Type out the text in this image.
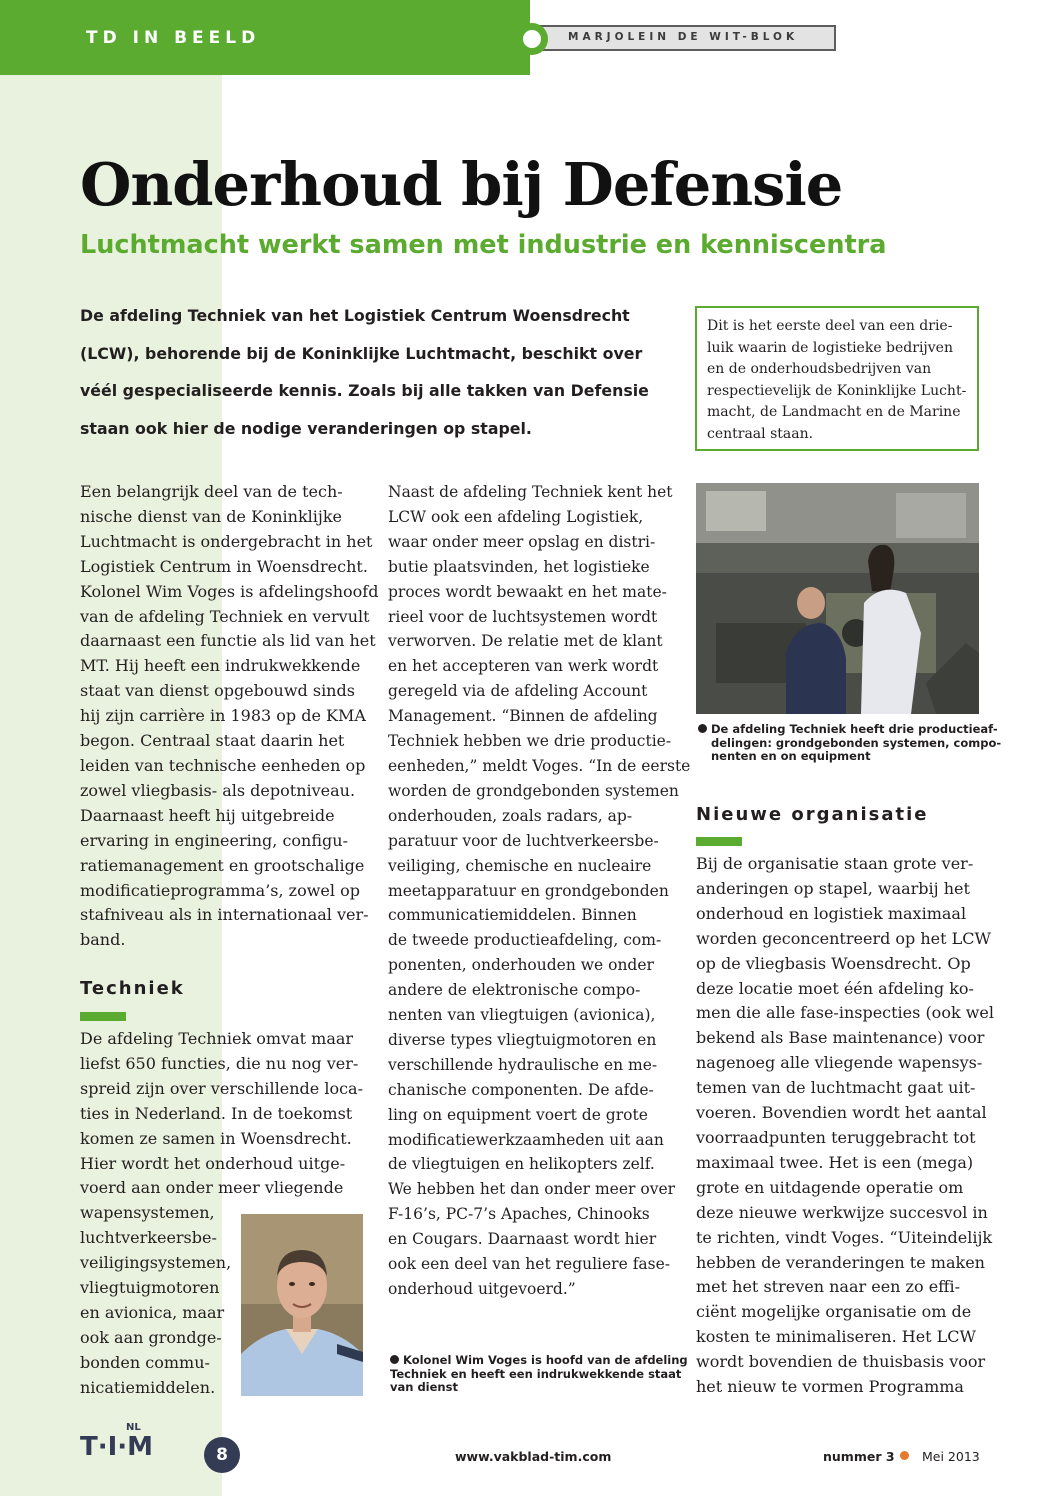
TD IN BEELD	MARJOLEIN DE WIT-BLOK
Onderhoud bij Defensie
Luchtmacht werkt samen met industrie en kenniscentra
De afdeling Techniek van het Logistiek Centrum Woensdrecht
(LCW), behorende bij de Koninklijke Luchtmacht, beschikt over
véél gespecialiseerde kennis. Zoals bij alle takken van Defensie
staan ook hier de nodige veranderingen op stapel.
Dit is het eerste deel van een drie-
luik waarin de logistieke bedrijven
en de onderhoudsbedrijven van
respectievelijk de Koninklijke Lucht-
macht, de Landmacht en de Marine
centraal staan.
Een belangrijk deel van de tech-
nische dienst van de Koninklijke
Luchtmacht is ondergebracht in het
Logistiek Centrum in Woensdrecht.
Kolonel Wim Voges is afdelingshoofd
van de afdeling Techniek en vervult
daarnaast een functie als lid van het
MT. Hij heeft een indrukwekkende
staat van dienst opgebouwd sinds
hij zijn carrière in 1983 op de KMA
begon. Centraal staat daarin het
leiden van technische eenheden op
zowel vliegbasis- als depotniveau.
Daarnaast heeft hij uitgebreide
ervaring in engineering, configu-
ratiemanagement en grootschalige
modificatieprogramma’s, zowel op
stafniveau als in internationaal ver-
band.
Techniek
De afdeling Techniek omvat maar
liefst 650 functies, die nu nog ver-
spreid zijn over verschillende loca-
ties in Nederland. In de toekomst
komen ze samen in Woensdrecht.
Hier wordt het onderhoud uitge-
voerd aan onder meer vliegende
wapensystemen,
luchtverkeersbe-
veiligingsystemen,
vliegtuigmotoren
en avionica, maar
ook aan grondge-
bonden commu-
nicatiemiddelen.
Naast de afdeling Techniek kent het
LCW ook een afdeling Logistiek,
waar onder meer opslag en distri-
butie plaatsvinden, het logistieke
proces wordt bewaakt en het mate-
rieel voor de luchtsystemen wordt
verworven. De relatie met de klant
en het accepteren van werk wordt
geregeld via de afdeling Account
Management. “Binnen de afdeling
Techniek hebben we drie productie-
eenheden,” meldt Voges. “In de eerste
worden de grondgebonden systemen
onderhouden, zoals radars, ap-
paratuur voor de luchtverkeersbe-
veiliging, chemische en nucleaire
meetapparatuur en grondgebonden
communicatiemiddelen. Binnen
de tweede productieafdeling, com-
ponenten, onderhouden we onder
andere de elektronische compo-
nenten van vliegtuigen (avionica),
diverse types vliegtuigmotoren en
verschillende hydraulische en me-
chanische componenten. De afde-
ling on equipment voert de grote
modificatiewerkzaamheden uit aan
de vliegtuigen en helikopters zelf.
We hebben het dan onder meer over
F-16’s, PC-7’s Apaches, Chinooks
en Cougars. Daarnaast wordt hier
ook een deel van het reguliere fase-
onderhoud uitgevoerd.”
Kolonel Wim Voges is hoofd van de afdeling
Techniek en heeft een indrukwekkende staat
van dienst
De afdeling Techniek heeft drie productieaf-
delingen: grondgebonden systemen, compo-
nenten en on equipment
Nieuwe organisatie
Bij de organisatie staan grote ver-
anderingen op stapel, waarbij het
onderhoud en logistiek maximaal
worden geconcentreerd op het LCW
op de vliegbasis Woensdrecht. Op
deze locatie moet één afdeling ko-
men die alle fase-inspecties (ook wel
bekend als Base maintenance) voor
nagenoeg alle vliegende wapensys-
temen van de luchtmacht gaat uit-
voeren. Bovendien wordt het aantal
voorraadpunten teruggebracht tot
maximaal twee. Het is een (mega)
grote en uitdagende operatie om
deze nieuwe werkwijze succesvol in
te richten, vindt Voges. “Uiteindelijk
hebben de veranderingen te maken
met het streven naar een zo effi-
ciënt mogelijke organisatie om de
kosten te minimaliseren. Het LCW
wordt bovendien de thuisbasis voor
het nieuw te vormen Programma
T·I·M
NL
8	www.vakblad-tim.com	nummer 3 Mei 2013
